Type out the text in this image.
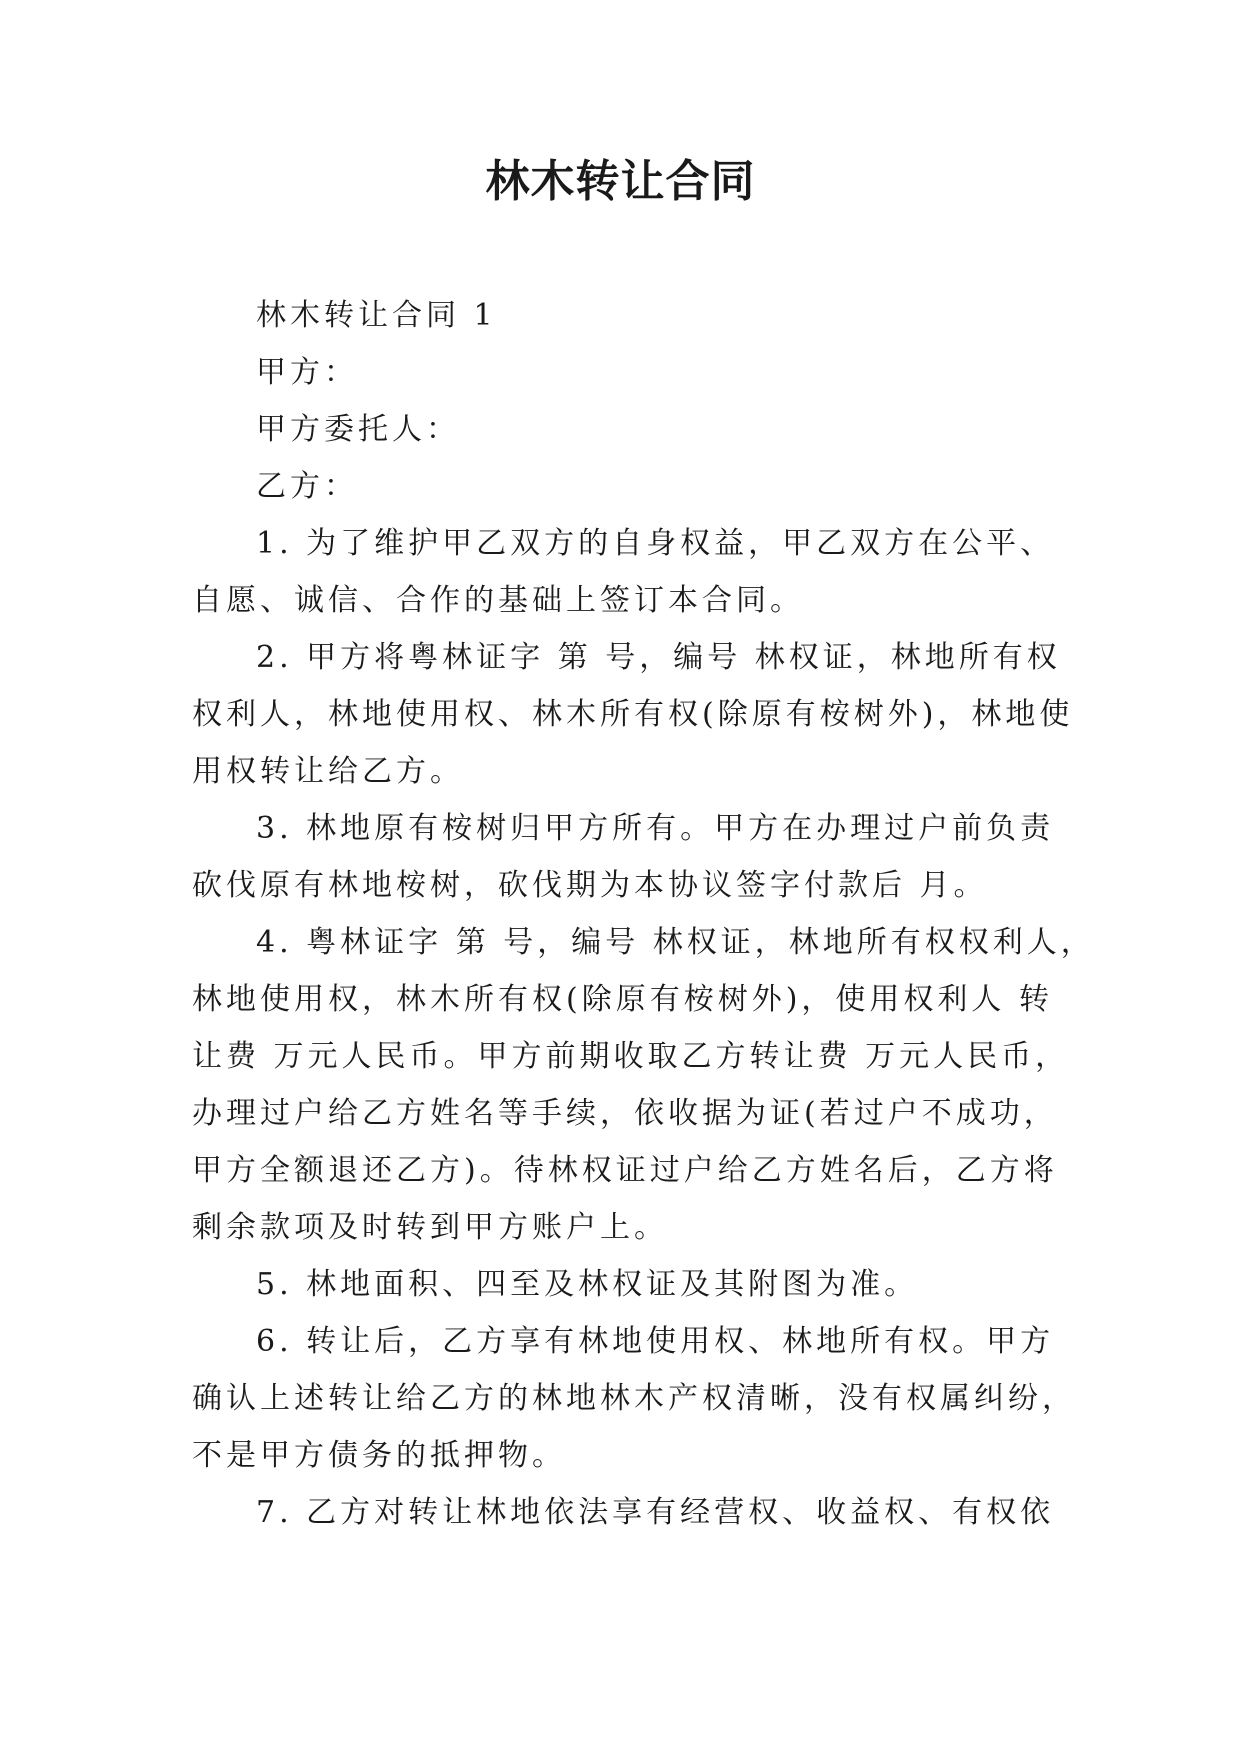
林木转让合同
林木转让合同 1
甲方：
甲方委托人：
乙方：
1. 为了维护甲乙双方的自身权益，甲乙双方在公平、
自愿、诚信、合作的基础上签订本合同。
2. 甲方将粤林证字 第 号，编号 林权证，林地所有权
权利人，林地使用权、林木所有权(除原有桉树外)，林地使
用权转让给乙方。
3. 林地原有桉树归甲方所有。甲方在办理过户前负责
砍伐原有林地桉树，砍伐期为本协议签字付款后 月。
4. 粤林证字 第 号，编号 林权证，林地所有权权利人，
林地使用权，林木所有权(除原有桉树外)，使用权利人 转
让费 万元人民币。甲方前期收取乙方转让费 万元人民币，
办理过户给乙方姓名等手续，依收据为证(若过户不成功，
甲方全额退还乙方)。待林权证过户给乙方姓名后，乙方将
剩余款项及时转到甲方账户上。
5. 林地面积、四至及林权证及其附图为准。
6. 转让后，乙方享有林地使用权、林地所有权。甲方
确认上述转让给乙方的林地林木产权清晰，没有权属纠纷，
不是甲方债务的抵押物。
7. 乙方对转让林地依法享有经营权、收益权、有权依
